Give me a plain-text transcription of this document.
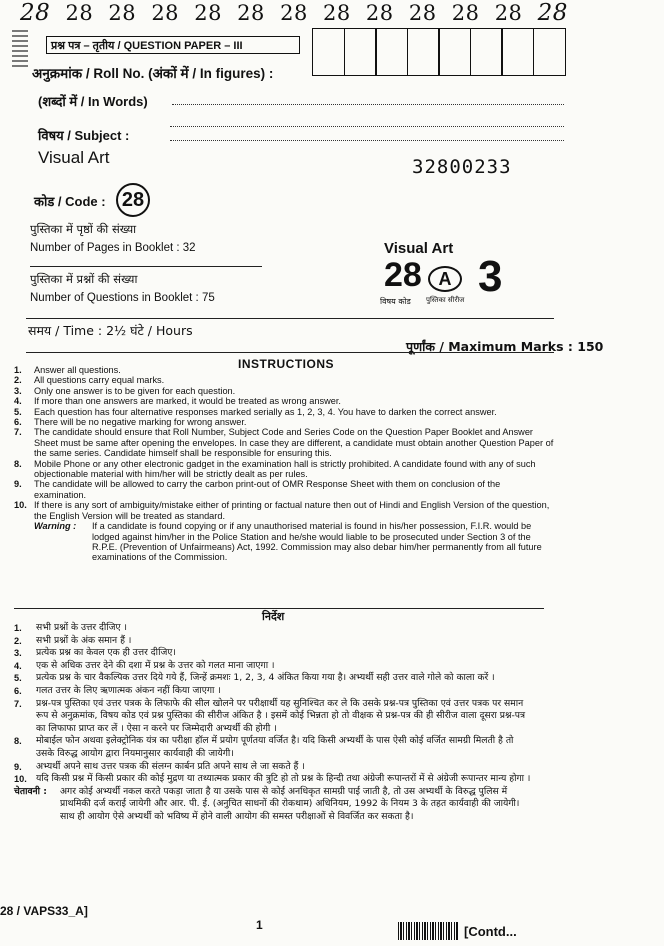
28 28 28 28 28 28 28 28 28 28 28 28 28
प्रश्न पत्र – तृतीय / QUESTION PAPER – III
अनुक्रमांक / Roll No. (अंकों में / In figures) :
(शब्दों में / In Words)
विषय / Subject :
Visual Art	32800233
कोड / Code : 28
पुस्तिका में पृष्ठों की संख्या
Number of Pages in Booklet : 32
पुस्तिका में प्रश्नों की संख्या
Number of Questions in Booklet : 75
Visual Art
28 A
विषय कोड पुस्तिका सीरीज 3
समय / Time : 2½ घंटे / Hours
पूर्णांक / Maximum Marks : 150
INSTRUCTIONS
1.	Answer all questions.
2.	All questions carry equal marks.
3.	Only one answer is to be given for each question.
4.	If more than one answers are marked, it would be treated as wrong answer.
5.	Each question has four alternative responses marked serially as 1, 2, 3, 4. You have to darken the correct answer.
6.	There will be no negative marking for wrong answer.
7.	The candidate should ensure that Roll Number, Subject Code and Series Code on the Question Paper Booklet and Answer Sheet must be same after opening the envelopes. In case they are different, a candidate must obtain another Question Paper of the same series. Candidate himself shall be responsible for ensuring this.
8.	Mobile Phone or any other electronic gadget in the examination hall is strictly prohibited. A candidate found with any of such objectionable material with him/her will be strictly dealt as per rules.
9.	The candidate will be allowed to carry the carbon print-out of OMR Response Sheet with them on conclusion of the examination.
10. If there is any sort of ambiguity/mistake either of printing or factual nature then out of Hindi and English Version of the question, the English Version will be treated as standard.
Warning :	If a candidate is found copying or if any unauthorised material is found in his/her possession, F.I.R. would be lodged against him/her in the Police Station and he/she would liable to be prosecuted under Section 3 of the R.P.E. (Prevention of Unfairmeans) Act, 1992. Commission may also debar him/her permanently from all future examinations of the Commission.
निर्देश
1.	सभी प्रश्नों के उत्तर दीजिए ।
2.	सभी प्रश्नों के अंक समान हैं ।
3.	प्रत्येक प्रश्न का केवल एक ही उत्तर दीजिए।
4.	एक से अधिक उत्तर देने की दशा में प्रश्न के उत्तर को गलत माना जाएगा ।
5.	प्रत्येक प्रश्न के चार वैकल्पिक उत्तर दिये गये हैं, जिन्हें क्रमशः 1, 2, 3, 4 अंकित किया गया है। अभ्यर्थी सही उत्तर वाले गोले को काला करें ।
6.	गलत उत्तर के लिए ऋणात्मक अंकन नहीं किया जाएगा ।
7.	प्रश्न-पत्र पुस्तिका एवं उत्तर पत्रक के लिफाफे की सील खोलने पर परीक्षार्थी यह सुनिश्चित कर ले कि उसके प्रश्न-पत्र पुस्तिका एवं उत्तर पत्रक पर समान रूप से अनुक्रमांक, विषय कोड एवं प्रश्न पुस्तिका की सीरीज अंकित है । इसमें कोई भिन्नता हो तो वीक्षक से प्रश्न-पत्र की ही सीरीज वाला दूसरा प्रश्न-पत्र का लिफाफा प्राप्त कर लें । ऐसा न करने पर जिम्मेदारी अभ्यर्थी की होगी ।
8.	मोबाईल फोन अथवा इलेक्ट्रोनिक यंत्र का परीक्षा हॉल में प्रयोग पूर्णतया वर्जित है। यदि किसी अभ्यर्थी के पास ऐसी कोई वर्जित सामग्री मिलती है तो उसके विरुद्ध आयोग द्वारा नियमानुसार कार्यवाही की जायेगी।
9.	अभ्यर्थी अपने साथ उत्तर पत्रक की संलग्न कार्बन प्रति अपने साथ ले जा सकते हैं ।
10.	यदि किसी प्रश्न में किसी प्रकार की कोई मुद्रण या तथ्यात्मक प्रकार की त्रुटि हो तो प्रश्न के हिन्दी तथा अंग्रेजी रूपान्तरों में से अंग्रेजी रूपान्तर मान्य होगा ।
चेतावनी :	अगर कोई अभ्यर्थी नकल करते पकड़ा जाता है या उसके पास से कोई अनधिकृत सामग्री पाई जाती है, तो उस अभ्यर्थी के विरुद्ध पुलिस में प्राथमिकी दर्ज कराई जायेगी और आर. पी. ई. (अनुचित साधनों की रोकथाम) अधिनियम, 1992 के नियम 3 के तहत कार्यवाही की जायेगी। साथ ही आयोग ऐसे अभ्यर्थी को भविष्य में होने वाली आयोग की समस्त परीक्षाओं से विवर्जित कर सकता है।
28 / VAPS33_A]
1	[Contd...
